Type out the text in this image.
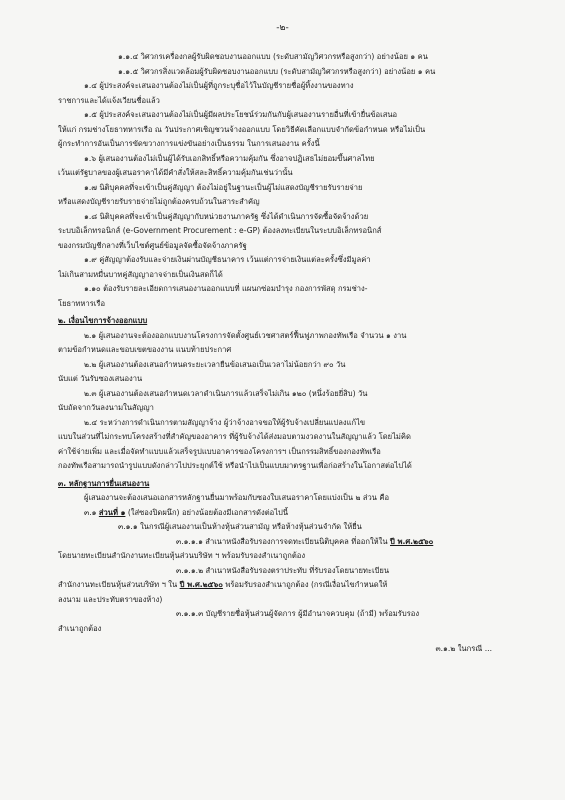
-๒-
๑.๑.๔ วิศวกรเครื่องกลผู้รับผิดชอบงานออกแบบ (ระดับสามัญวิศวกรหรือสูงกว่า) อย่างน้อย ๑ คน
๑.๑.๕ วิศวกรสิ่งแวดล้อมผู้รับผิดชอบงานออกแบบ (ระดับสามัญวิศวกรหรือสูงกว่า) อย่างน้อย ๑ คน
๑.๔ ผู้ประสงค์จะเสนองานต้องไม่เป็นผู้ที่ถูกระบุชื่อไว้ในบัญชีรายชื่อผู้ทิ้งงานของทาง
ราชการและได้แจ้งเวียนชื่อแล้ว
๑.๕ ผู้ประสงค์จะเสนองานต้องไม่เป็นผู้มีผลประโยชน์ร่วมกันกับผู้เสนองานรายอื่นที่เข้ายื่นข้อเสนอ
ให้แก่ กรมช่างโยธาทหารเรือ ณ วันประกาศเชิญชวนจ้างออกแบบ โดยวิธีคัดเลือกแบบจำกัดข้อกำหนด หรือไม่เป็น
ผู้กระทำการอันเป็นการขัดขวางการแข่งขันอย่างเป็นธรรม ในการเสนองาน ครั้งนี้
๑.๖ ผู้เสนองานต้องไม่เป็นผู้ได้รับเอกสิทธิ์หรือความคุ้มกัน ซึ่งอาจปฏิเสธไม่ยอมขึ้นศาลไทย
เว้นแต่รัฐบาลของผู้เสนอราคาได้มีคำสั่งให้สละสิทธิ์ความคุ้มกันเช่นว่านั้น
๑.๗ นิติบุคคลที่จะเข้าเป็นคู่สัญญา ต้องไม่อยู่ในฐานะเป็นผู้ไม่แสดงบัญชีรายรับรายจ่าย
หรือแสดงบัญชีรายรับรายจ่ายไม่ถูกต้องครบถ้วนในสาระสำคัญ
๑.๘ นิติบุคคลที่จะเข้าเป็นคู่สัญญากับหน่วยงานภาครัฐ ซึ่งได้ดำเนินการจัดซื้อจัดจ้างด้วย
ระบบอิเล็กทรอนิกส์ (e-Government Procurement : e-GP) ต้องลงทะเบียนในระบบอิเล็กทรอนิกส์
ของกรมบัญชีกลางที่เว็บไซต์ศูนย์ข้อมูลจัดซื้อจัดจ้างภาครัฐ
๑.๙ คู่สัญญาต้องรับและจ่ายเงินผ่านบัญชีธนาคาร เว้นแต่การจ่ายเงินแต่ละครั้งซึ่งมีมูลค่า
ไม่เกินสามหมื่นบาทคู่สัญญาอาจจ่ายเป็นเงินสดก็ได้
๑.๑๐ ต้องรับรายละเอียดการเสนองานออกแบบที่ แผนกซ่อมบำรุง กองการพัสดุ กรมช่าง-
โยธาทหารเรือ
๒. เงื่อนไขการจ้างออกแบบ
๒.๑ ผู้เสนองานจะต้องออกแบบงานโครงการจัดตั้งศูนย์เวชศาสตร์ฟื้นฟูภาพกองทัพเรือ จำนวน ๑ งาน
ตามข้อกำหนดและขอบเขตของงาน แนบท้ายประกาศ
๒.๒ ผู้เสนองานต้องเสนอกำหนดระยะเวลายืนข้อเสนอเป็นเวลาไม่น้อยกว่า ๙๐ วัน
นับแต่ วันรับซองเสนองาน
๒.๓ ผู้เสนองานต้องเสนอกำหนดเวลาดำเนินการแล้วเสร็จไม่เกิน ๑๒๐ (หนึ่งร้อยยี่สิบ) วัน
นับถัดจากวันลงนามในสัญญา
๒.๔ ระหว่างการดำเนินการตามสัญญาจ้าง ผู้ว่าจ้างอาจขอให้ผู้รับจ้างเปลี่ยนแปลงแก้ไข
แบบในส่วนที่ไม่กระทบโครงสร้างที่สำคัญของอาคาร ที่ผู้รับจ้างได้ส่งมอบตามงวดงานในสัญญาแล้ว โดยไม่คิด
ค่าใช้จ่ายเพิ่ม และเมื่อจัดทำแบบแล้วเสร็จรูปแบบอาคารของโครงการฯ เป็นกรรมสิทธิ์ของกองทัพเรือ
กองทัพเรือสามารถนำรูปแบบดังกล่าวไปประยุกต์ใช้ หรือนำไปเป็นแบบมาตรฐานเพื่อก่อสร้างในโอกาสต่อไปได้
๓. หลักฐานการยื่นเสนองาน
ผู้เสนองานจะต้องเสนอเอกสารหลักฐานยื่นมาพร้อมกับซองใบเสนอราคาโดยแบ่งเป็น ๒ ส่วน คือ
๓.๑ ส่วนที่ ๑ (ใส่ซองปิดผนึก) อย่างน้อยต้องมีเอกสารดังต่อไปนี้
๓.๑.๑ ในกรณีผู้เสนองานเป็นห้างหุ้นส่วนสามัญ หรือห้างหุ้นส่วนจำกัด ให้ยื่น
๓.๑.๑.๑ สำเนาหนังสือรับรองการจดทะเบียนนิติบุคคล ที่ออกให้ใน ปี พ.ศ.๒๕๖๐
โดยนายทะเบียนสำนักงานทะเบียนหุ้นส่วนบริษัท ฯ พร้อมรับรองสำเนาถูกต้อง
๓.๑.๑.๒ สำเนาหนังสือรับรองตราประทับ ที่รับรองโดยนายทะเบียน
สำนักงานทะเบียนหุ้นส่วนบริษัท ฯ ใน ปี พ.ศ.๒๕๖๐ พร้อมรับรองสำเนาถูกต้อง (กรณีเงื่อนไขกำหนดให้
ลงนาม และประทับตราของห้าง)
๓.๑.๑.๓ บัญชีรายชื่อหุ้นส่วนผู้จัดการ ผู้มีอำนาจควบคุม (ถ้ามี) พร้อมรับรอง
สำเนาถูกต้อง
๓.๑.๒ ในกรณี ...
